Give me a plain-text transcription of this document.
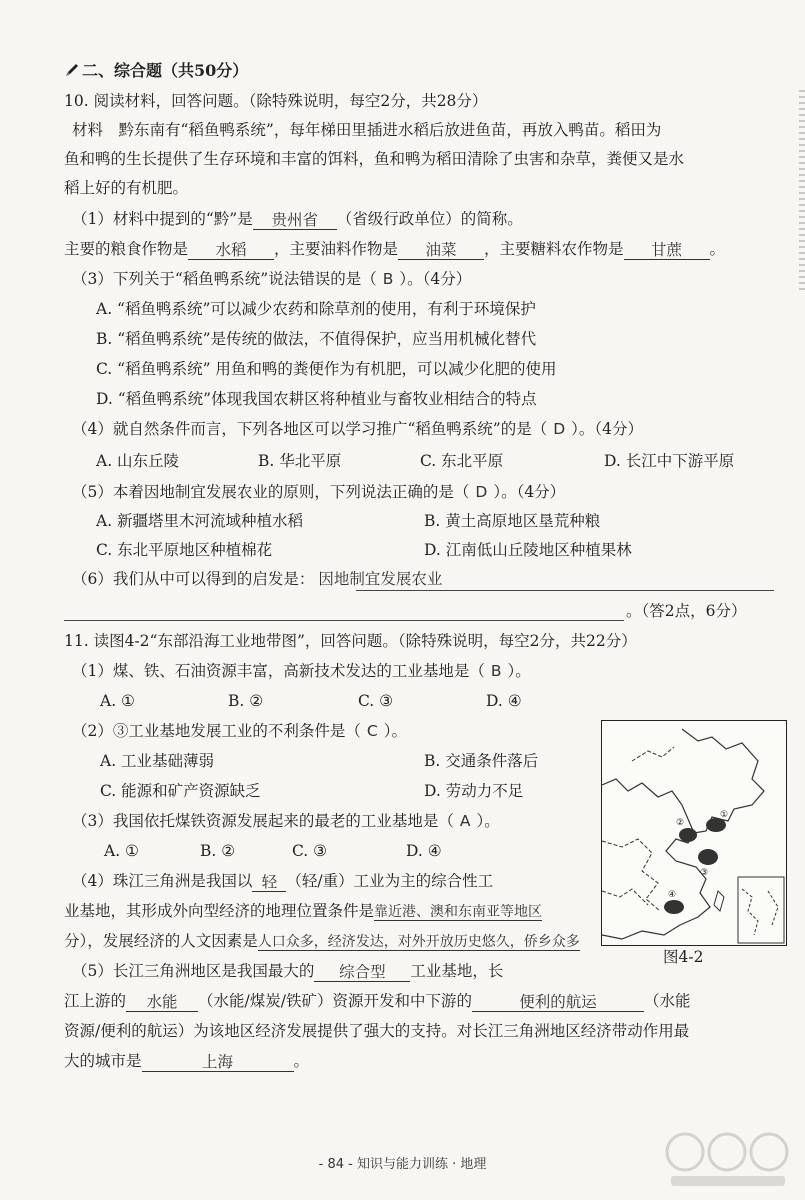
二、综合题（共50分）
10. 阅读材料，回答问题。（除特殊说明，每空2分，共28分）
材料　黔东南有“稻鱼鸭系统”，每年梯田里插进水稻后放进鱼苗，再放入鸭苗。稻田为
鱼和鸭的生长提供了生存环境和丰富的饵料，鱼和鸭为稻田清除了虫害和杂草，粪便又是水
稻上好的有机肥。
（1）材料中提到的“黔”是 贵州省 （省级行政单位）的简称。
主要的粮食作物是 水稻 ，主要油料作物是 油菜 ，主要糖料农作物是 甘蔗 。
（3）下列关于“稻鱼鸭系统”说法错误的是（ B ）。（4分）
A. “稻鱼鸭系统”可以减少农药和除草剂的使用，有利于环境保护
B. “稻鱼鸭系统”是传统的做法，不值得保护，应当用机械化替代
C. “稻鱼鸭系统” 用鱼和鸭的粪便作为有机肥，可以减少化肥的使用
D. “稻鱼鸭系统”体现我国农耕区将种植业与畜牧业相结合的特点
（4）就自然条件而言，下列各地区可以学习推广“稻鱼鸭系统”的是（ D ）。（4分）
A. 山东丘陵	B. 华北平原	C. 东北平原	D. 长江中下游平原
（5）本着因地制宜发展农业的原则，下列说法正确的是（ D ）。（4分）
A. 新疆塔里木河流域种植水稻	B. 黄土高原地区垦荒种粮
C. 东北平原地区种植棉花	D. 江南低山丘陵地区种植果林
（6）我们从中可以得到的启发是： 因地制宜发展农业
。（答2点，6分）
11. 读图4-2“东部沿海工业地带图”，回答问题。（除特殊说明，每空2分，共22分）
（1）煤、铁、石油资源丰富，高新技术发达的工业基地是（ B ）。
A. ①	B. ②	C. ③	D. ④
（2）③工业基地发展工业的不利条件是（ C ）。
A. 工业基础薄弱	B. 交通条件落后
C. 能源和矿产资源缺乏	D. 劳动力不足
（3）我国依托煤铁资源发展起来的最老的工业基地是（ A ）。
A. ①	B. ②	C. ③	D. ④
（4）珠江三角洲是我国以 轻 （轻/重）工业为主的综合性工
业基地，其形成外向型经济的地理位置条件是靠近港、澳和东南亚等地区
分），发展经济的人文因素是人口众多，经济发达，对外开放历史悠久，侨乡众多
（5）长江三角洲地区是我国最大的 综合型 工业基地，长
江上游的 水能 （水能/煤炭/铁矿）资源开发和中下游的	便利的航运	（水能
资源/便利的航运）为该地区经济发展提供了强大的支持。对长江三角洲地区经济带动作用最
大的城市是	上海	。
①
②
③
④
图4-2
- 84 - 知识与能力训练 · 地理
